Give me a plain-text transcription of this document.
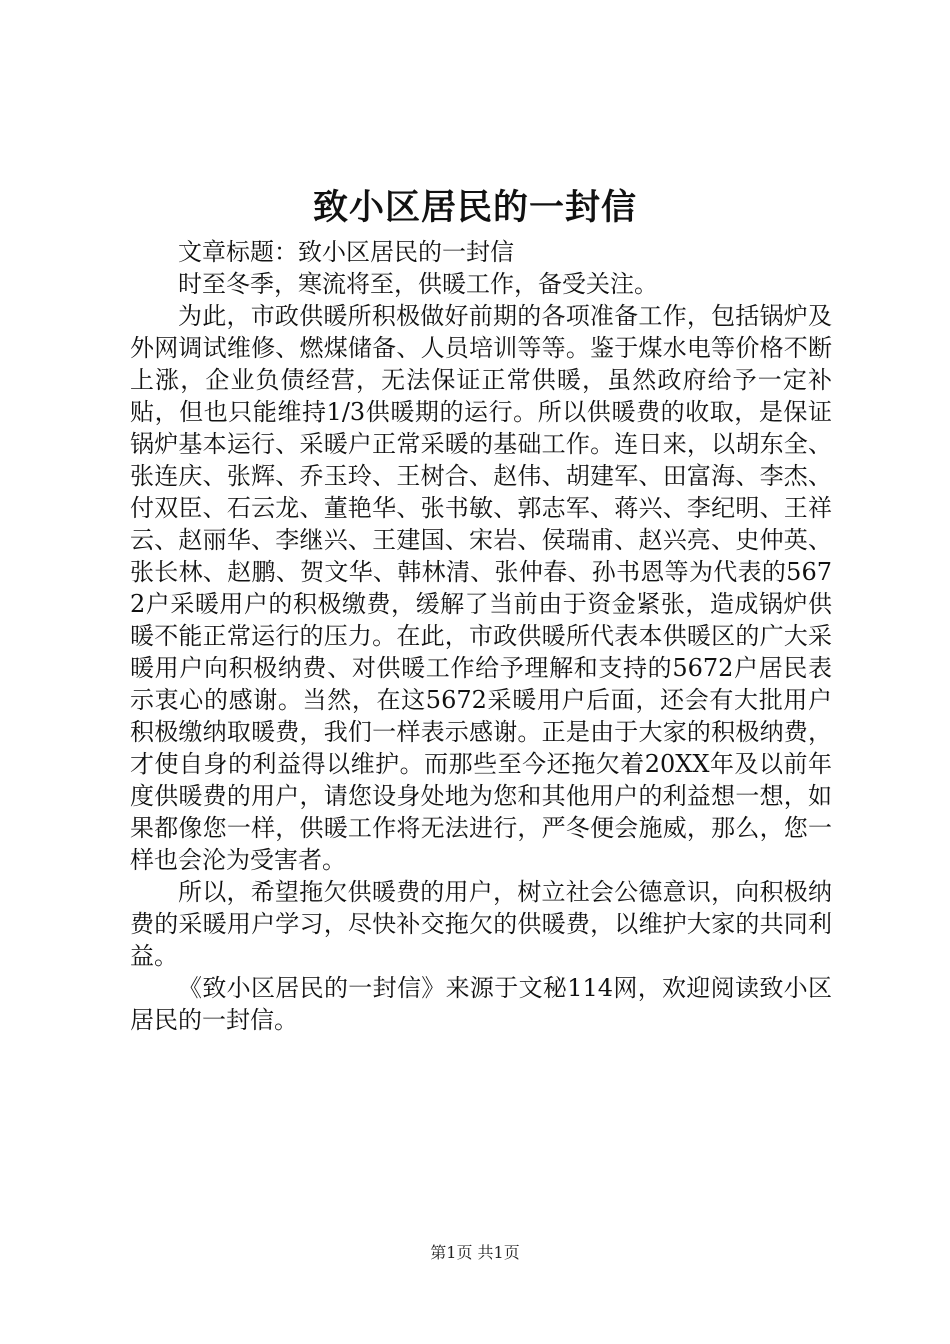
致小区居民的一封信

文章标题：致小区居民的一封信

时至冬季，寒流将至，供暖工作，备受关注。

为此，市政供暖所积极做好前期的各项准备工作，包括锅炉及外网调试维修、燃煤储备、人员培训等等。鉴于煤水电等价格不断上涨，企业负债经营，无法保证正常供暖，虽然政府给予一定补贴，但也只能维持1/3供暖期的运行。所以供暖费的收取，是保证锅炉基本运行、采暖户正常采暖的基础工作。连日来，以胡东全、张连庆、张辉、乔玉玲、王树合、赵伟、胡建军、田富海、李杰、付双臣、石云龙、董艳华、张书敏、郭志军、蒋兴、李纪明、王祥云、赵丽华、李继兴、王建国、宋岩、侯瑞甫、赵兴亮、史仲英、张长林、赵鹏、贺文华、韩林清、张仲春、孙书恩等为代表的5672户采暖用户的积极缴费，缓解了当前由于资金紧张，造成锅炉供暖不能正常运行的压力。在此，市政供暖所代表本供暖区的广大采暖用户向积极纳费、对供暖工作给予理解和支持的5672户居民表示衷心的感谢。当然，在这5672采暖用户后面，还会有大批用户积极缴纳取暖费，我们一样表示感谢。正是由于大家的积极纳费，才使自身的利益得以维护。而那些至今还拖欠着20XX年及以前年度供暖费的用户，请您设身处地为您和其他用户的利益想一想，如果都像您一样，供暖工作将无法进行，严冬便会施威，那么，您一样也会沦为受害者。

所以，希望拖欠供暖费的用户，树立社会公德意识，向积极纳费的采暖用户学习，尽快补交拖欠的供暖费，以维护大家的共同利益。

《致小区居民的一封信》来源于文秘114网，欢迎阅读致小区居民的一封信。

第1页 共1页
